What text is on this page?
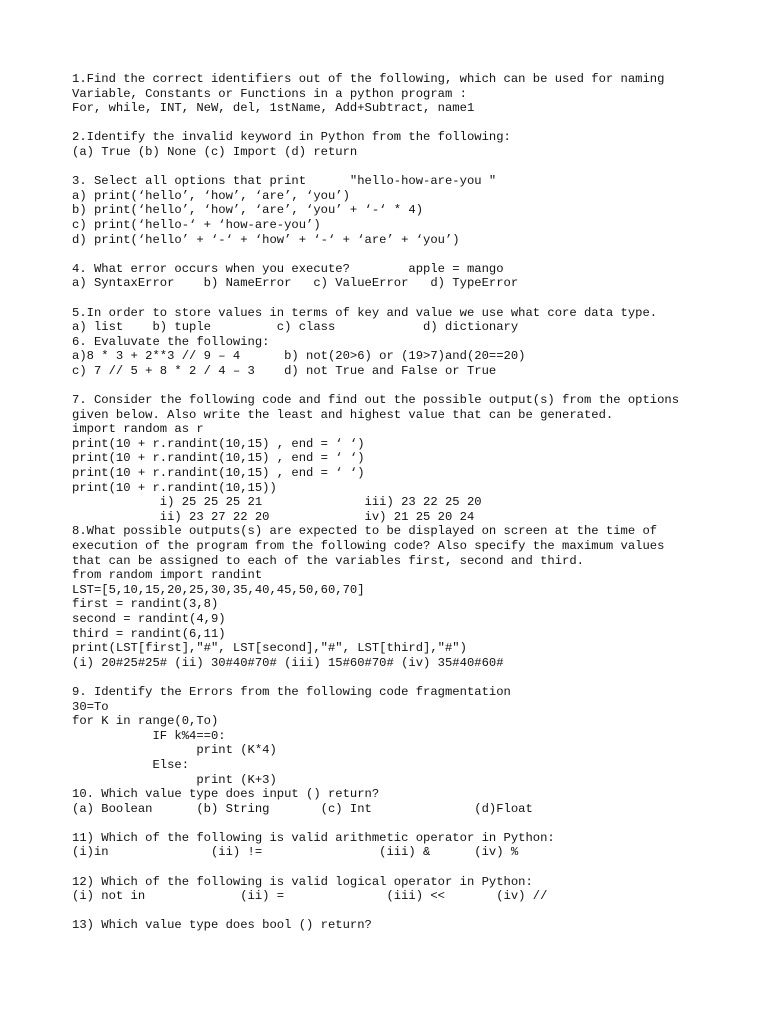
1.Find the correct identifiers out of the following, which can be used for naming
Variable, Constants or Functions in a python program :
For, while, INT, NeW, del, 1stName, Add+Subtract, name1
2.Identify the invalid keyword in Python from the following:
(a) True (b) None (c) Import (d) return
3. Select all options that print      "hello-how-are-you "
a) print(‘hello’, ‘how’, ‘are’, ‘you’)
b) print(‘hello’, ‘how’, ‘are’, ‘you’ + ‘-‘ * 4)
c) print(‘hello-‘ + ‘how-are-you’)
d) print(‘hello’ + ‘-‘ + ‘how’ + ‘-‘ + ‘are’ + ‘you’)
4. What error occurs when you execute?        apple = mango
a) SyntaxError    b) NameError   c) ValueError   d) TypeError
5.In order to store values in terms of key and value we use what core data type.
a) list    b) tuple         c) class            d) dictionary
6. Evaluvate the following:
a)8 * 3 + 2**3 // 9 – 4      b) not(20>6) or (19>7)and(20==20)
c) 7 // 5 + 8 * 2 / 4 – 3    d) not True and False or True
7. Consider the following code and find out the possible output(s) from the options
given below. Also write the least and highest value that can be generated.
import random as r
print(10 + r.randint(10,15) , end = ‘ ‘)
print(10 + r.randint(10,15) , end = ‘ ‘)
print(10 + r.randint(10,15) , end = ‘ ‘)
print(10 + r.randint(10,15))
i) 25 25 25 21              iii) 23 22 25 20
ii) 23 27 22 20             iv) 21 25 20 24
8.What possible outputs(s) are expected to be displayed on screen at the time of
execution of the program from the following code? Also specify the maximum values
that can be assigned to each of the variables first, second and third.
from random import randint
LST=[5,10,15,20,25,30,35,40,45,50,60,70]
first = randint(3,8)
second = randint(4,9)
third = randint(6,11)
print(LST[first],"#", LST[second],"#", LST[third],"#")
(i) 20#25#25# (ii) 30#40#70# (iii) 15#60#70# (iv) 35#40#60#
9. Identify the Errors from the following code fragmentation
30=To
for K in range(0,To)
IF k%4==0:
print (K*4)
Else:
print (K+3)
10. Which value type does input () return?
(a) Boolean      (b) String       (c) Int              (d)Float
11) Which of the following is valid arithmetic operator in Python:
(i)in              (ii) !=                (iii) &      (iv) %
12) Which of the following is valid logical operator in Python:
(i) not in             (ii) =              (iii) <<       (iv) //
13) Which value type does bool () return?
